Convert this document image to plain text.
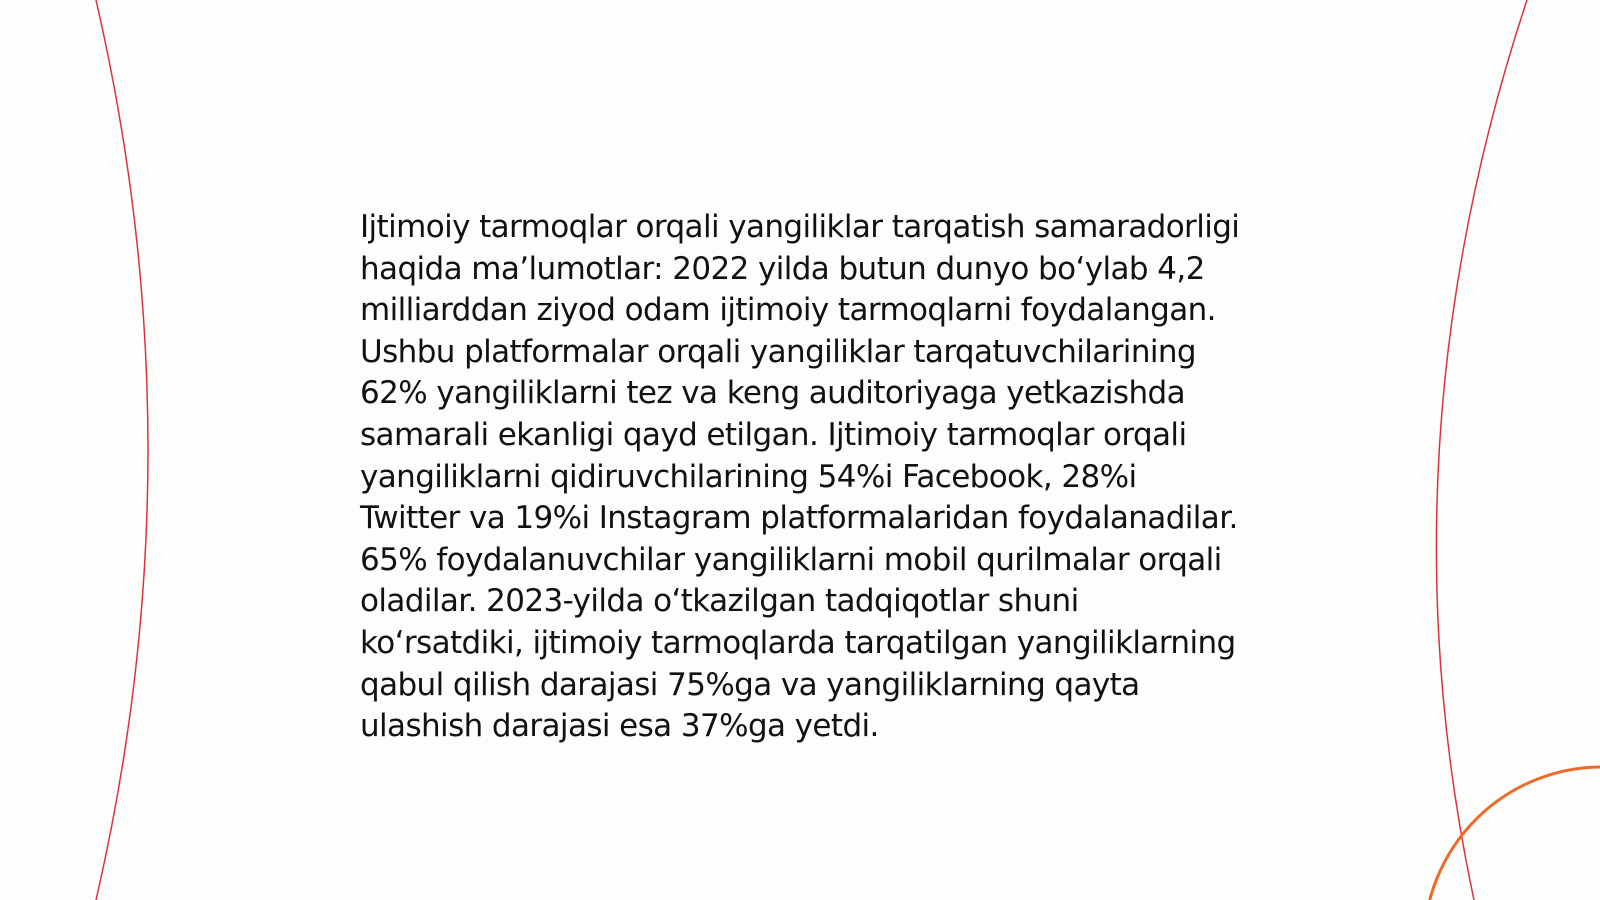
Ijtimoiy tarmoqlar orqali yangiliklar tarqatish samaradorligi haqida ma’lumotlar: 2022 yilda butun dunyo bo‘ylab 4,2 milliarddan ziyod odam ijtimoiy tarmoqlarni foydalangan. Ushbu platformalar orqali yangiliklar tarqatuvchilarining 62% yangiliklarni tez va keng auditoriyaga yetkazishda samarali ekanligi qayd etilgan. Ijtimoiy tarmoqlar orqali yangiliklarni qidiruvchilarining 54%i Facebook, 28%i Twitter va 19%i Instagram platformalaridan foydalanadilar. 65% foydalanuvchilar yangiliklarni mobil qurilmalar orqali oladilar. 2023-yilda o‘tkazilgan tadqiqotlar shuni ko‘rsatdiki, ijtimoiy tarmoqlarda tarqatilgan yangiliklarning qabul qilish darajasi 75%ga va yangiliklarning qayta ulashish darajasi esa 37%ga yetdi.
